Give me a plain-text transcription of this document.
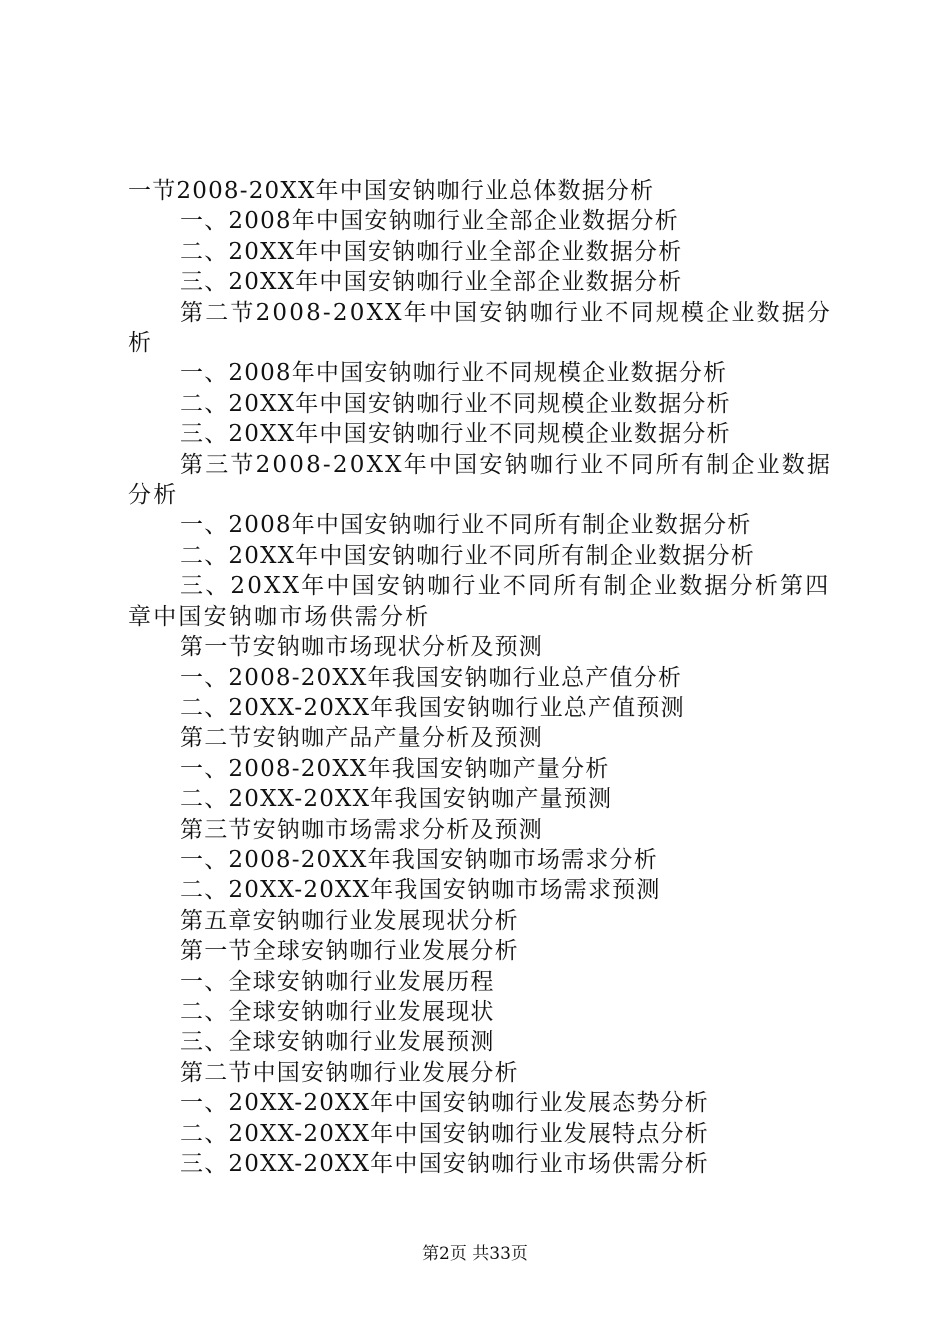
一节2008-20XX年中国安钠咖行业总体数据分析
一、2008年中国安钠咖行业全部企业数据分析
二、20XX年中国安钠咖行业全部企业数据分析
三、20XX年中国安钠咖行业全部企业数据分析
第二节2008-20XX年中国安钠咖行业不同规模企业数据分析
一、2008年中国安钠咖行业不同规模企业数据分析
二、20XX年中国安钠咖行业不同规模企业数据分析
三、20XX年中国安钠咖行业不同规模企业数据分析
第三节2008-20XX年中国安钠咖行业不同所有制企业数据分析
一、2008年中国安钠咖行业不同所有制企业数据分析
二、20XX年中国安钠咖行业不同所有制企业数据分析
三、20XX年中国安钠咖行业不同所有制企业数据分析第四章中国安钠咖市场供需分析
第一节安钠咖市场现状分析及预测
一、2008-20XX年我国安钠咖行业总产值分析
二、20XX-20XX年我国安钠咖行业总产值预测
第二节安钠咖产品产量分析及预测
一、2008-20XX年我国安钠咖产量分析
二、20XX-20XX年我国安钠咖产量预测
第三节安钠咖市场需求分析及预测
一、2008-20XX年我国安钠咖市场需求分析
二、20XX-20XX年我国安钠咖市场需求预测
第五章安钠咖行业发展现状分析
第一节全球安钠咖行业发展分析
一、全球安钠咖行业发展历程
二、全球安钠咖行业发展现状
三、全球安钠咖行业发展预测
第二节中国安钠咖行业发展分析
一、20XX-20XX年中国安钠咖行业发展态势分析
二、20XX-20XX年中国安钠咖行业发展特点分析
三、20XX-20XX年中国安钠咖行业市场供需分析
第2页 共33页
